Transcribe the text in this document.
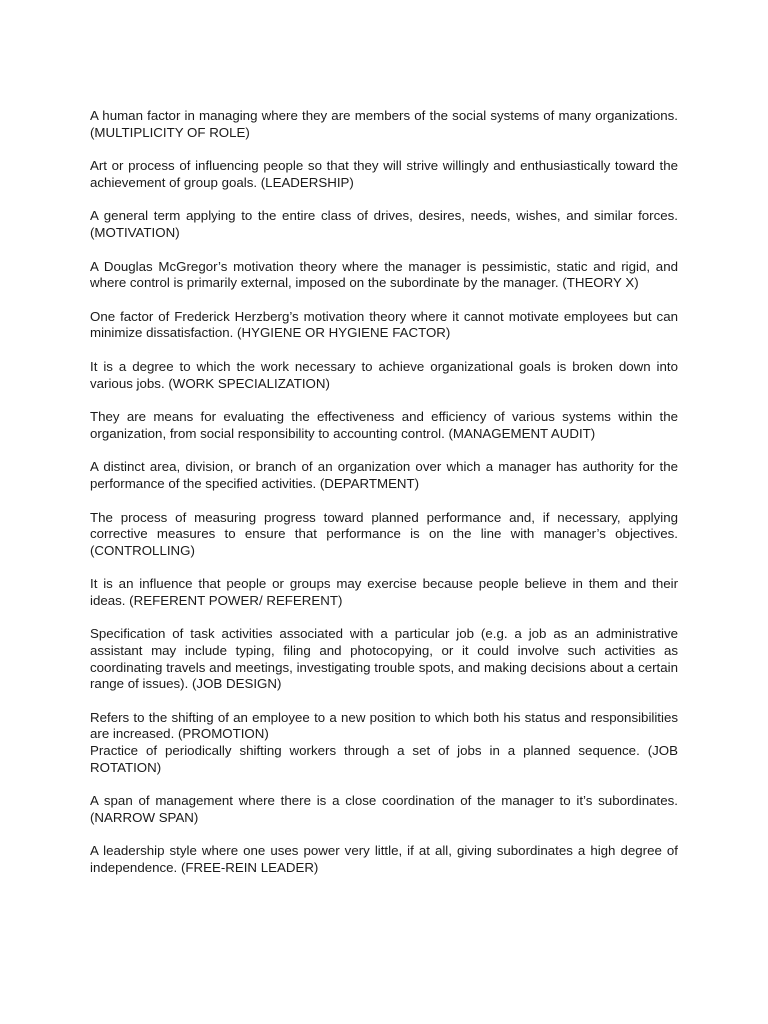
A human factor in managing where they are members of the social systems of many organizations. (MULTIPLICITY OF ROLE)

Art or process of influencing people so that they will strive willingly and enthusiastically toward the achievement of group goals. (LEADERSHIP)

A general term applying to the entire class of drives, desires, needs, wishes, and similar forces. (MOTIVATION)

A Douglas McGregor’s motivation theory where the manager is pessimistic, static and rigid, and where control is primarily external, imposed on the subordinate by the manager. (THEORY X)

One factor of Frederick Herzberg’s motivation theory where it cannot motivate employees but can minimize dissatisfaction. (HYGIENE OR HYGIENE FACTOR)

It is a degree to which the work necessary to achieve organizational goals is broken down into various jobs. (WORK SPECIALIZATION)

They are means for evaluating the effectiveness and efficiency of various systems within the organization, from social responsibility to accounting control. (MANAGEMENT AUDIT)

A distinct area, division, or branch of an organization over which a manager has authority for the performance of the specified activities. (DEPARTMENT)

The process of measuring progress toward planned performance and, if necessary, applying corrective measures to ensure that performance is on the line with manager’s objectives. (CONTROLLING)

It is an influence that people or groups may exercise because people believe in them and their ideas. (REFERENT POWER/ REFERENT)

Specification of task activities associated with a particular job (e.g. a job as an administrative assistant may include typing, filing and photocopying, or it could involve such activities as coordinating travels and meetings, investigating trouble spots, and making decisions about a certain range of issues). (JOB DESIGN)

Refers to the shifting of an employee to a new position to which both his status and responsibilities are increased. (PROMOTION)

Practice of periodically shifting workers through a set of jobs in a planned sequence. (JOB ROTATION)

A span of management where there is a close coordination of the manager to it’s subordinates. (NARROW SPAN)

A leadership style where one uses power very little, if at all, giving subordinates a high degree of independence. (FREE-REIN LEADER)
